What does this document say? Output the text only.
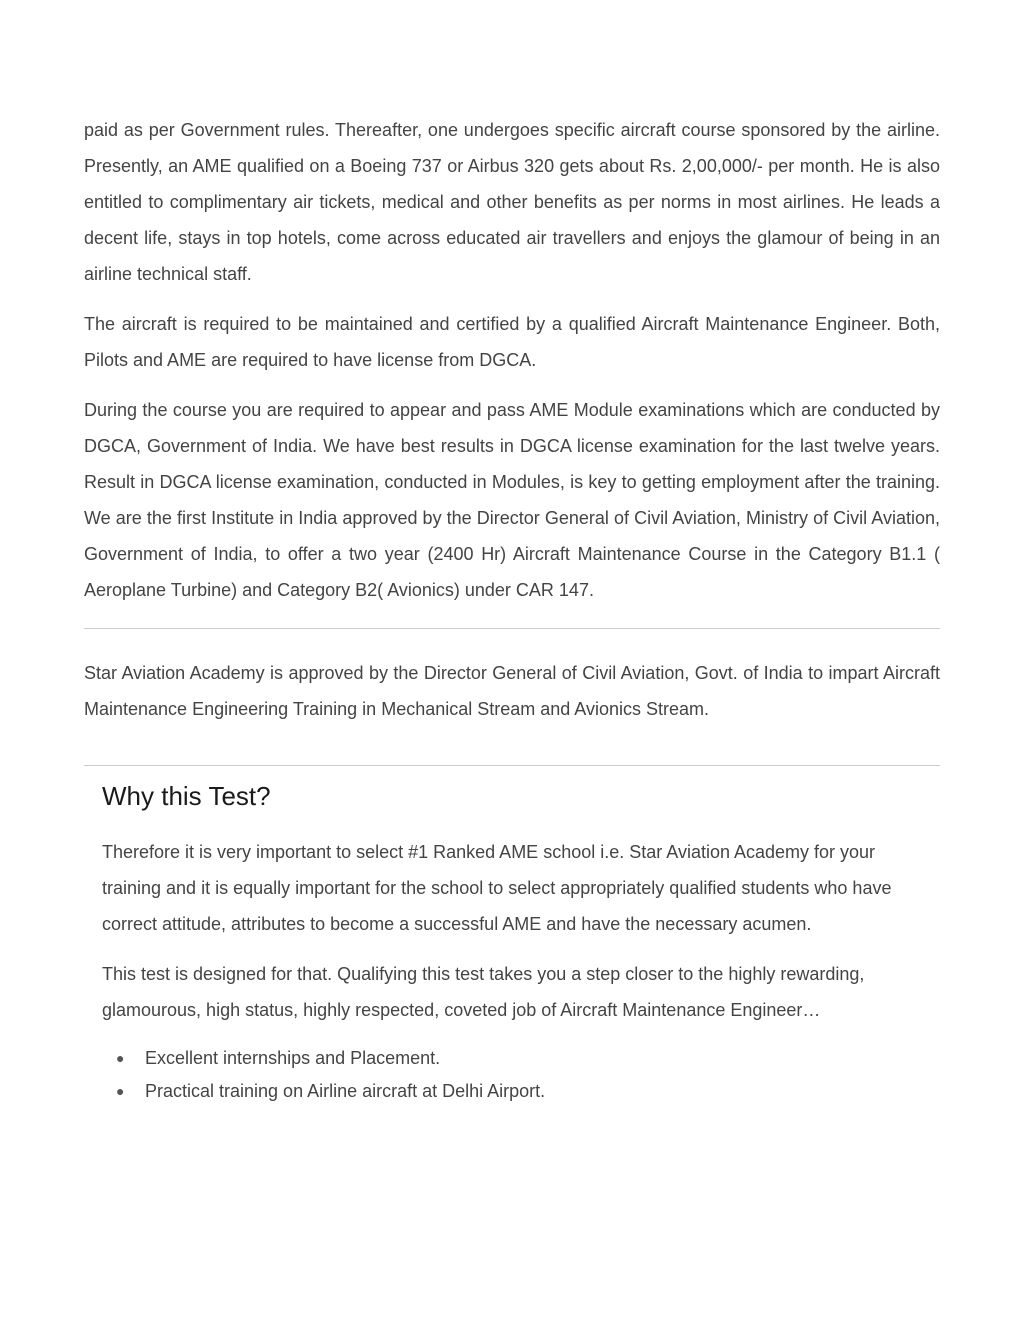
paid as per Government rules. Thereafter, one undergoes specific aircraft course sponsored by the airline. Presently, an AME qualified on a Boeing 737 or Airbus 320 gets about Rs. 2,00,000/- per month. He is also entitled to complimentary air tickets, medical and other benefits as per norms in most airlines. He leads a decent life, stays in top hotels, come across educated air travellers and enjoys the glamour of being in an airline technical staff.

The aircraft is required to be maintained and certified by a qualified Aircraft Maintenance Engineer. Both, Pilots and AME are required to have license from DGCA.

During the course you are required to appear and pass AME Module examinations which are conducted by DGCA, Government of India. We have best results in DGCA license examination for the last twelve years. Result in DGCA license examination, conducted in Modules, is key to getting employment after the training. We are the first Institute in India approved by the Director General of Civil Aviation, Ministry of Civil Aviation, Government of India, to offer a two year (2400 Hr) Aircraft Maintenance Course in the Category B1.1 ( Aeroplane Turbine) and Category B2( Avionics) under CAR 147.

Star Aviation Academy is approved by the Director General of Civil Aviation, Govt. of India to impart Aircraft Maintenance Engineering Training in Mechanical Stream and Avionics Stream.

Why this Test?

Therefore it is very important to select #1 Ranked AME school i.e. Star Aviation Academy for your training and it is equally important for the school to select appropriately qualified students who have correct attitude, attributes to become a successful AME and have the necessary acumen.

This test is designed for that. Qualifying this test takes you a step closer to the highly rewarding, glamourous, high status, highly respected, coveted job of Aircraft Maintenance Engineer…

● Excellent internships and Placement.
● Practical training on Airline aircraft at Delhi Airport.
